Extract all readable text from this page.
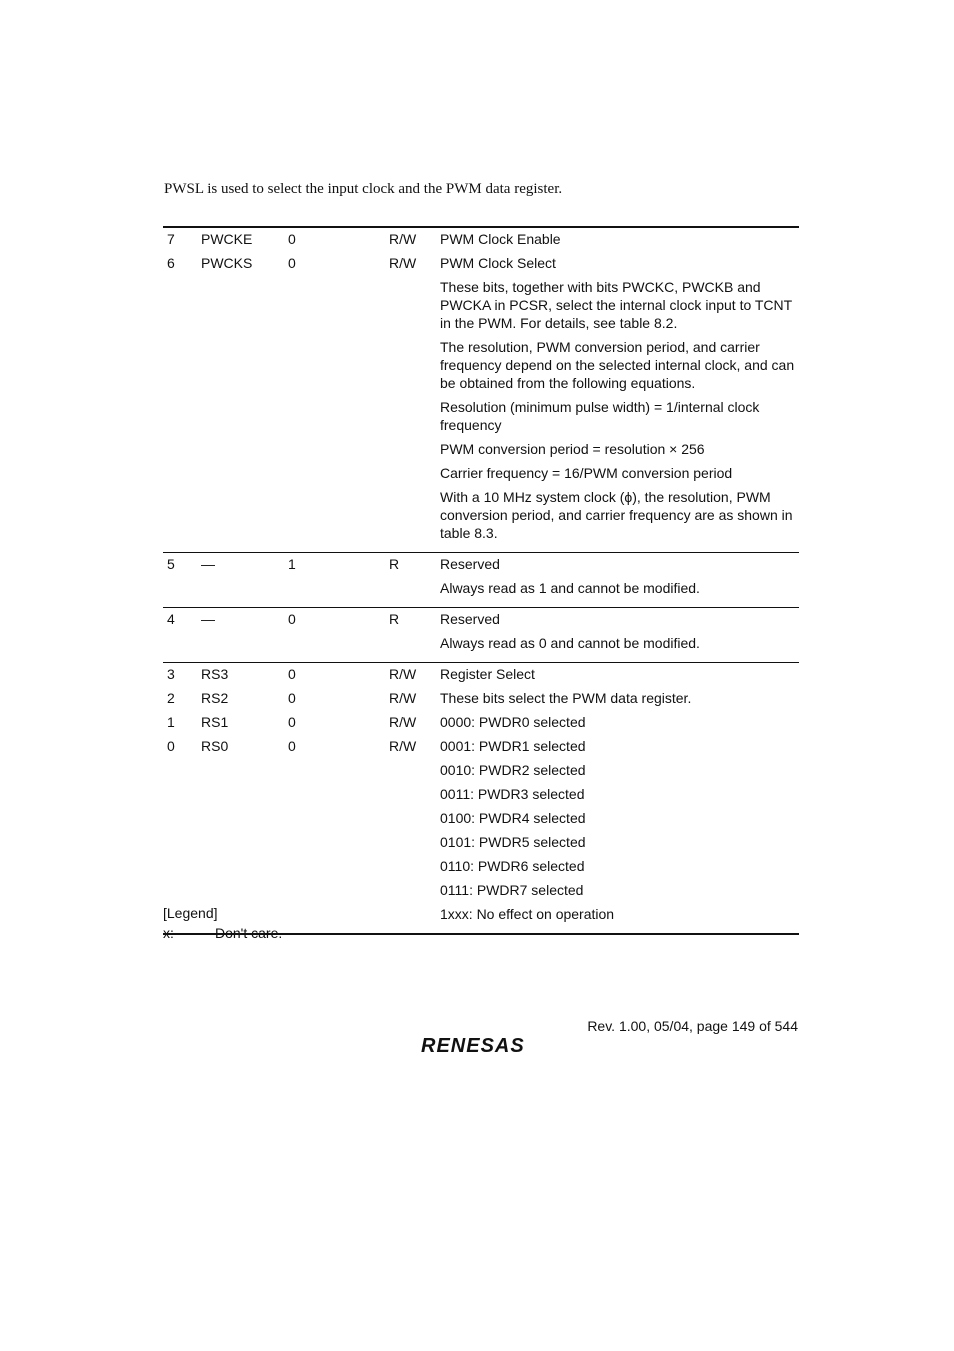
PWSL is used to select the input clock and the PWM data register.

7	PWCKE	0	R/W	PWM Clock Enable
6	PWCKS	0	R/W	PWM Clock Select
These bits, together with bits PWCKC, PWCKB and PWCKA in PCSR, select the internal clock input to TCNT in the PWM. For details, see table 8.2.
The resolution, PWM conversion period, and carrier frequency depend on the selected internal clock, and can be obtained from the following equations.
Resolution (minimum pulse width) = 1/internal clock frequency
PWM conversion period = resolution × 256
Carrier frequency = 16/PWM conversion period
With a 10 MHz system clock (ϕ), the resolution, PWM conversion period, and carrier frequency are as shown in table 8.3.
5	—	1	R	Reserved
Always read as 1 and cannot be modified.
4	—	0	R	Reserved
Always read as 0 and cannot be modified.
3	RS3	0	R/W	Register Select
2	RS2	0	R/W	These bits select the PWM data register.
1	RS1	0	R/W	0000: PWDR0 selected
0	RS0	0	R/W	0001: PWDR1 selected
0010: PWDR2 selected
0011: PWDR3 selected
0100: PWDR4 selected
0101: PWDR5 selected
0110: PWDR6 selected
0111: PWDR7 selected
1xxx: No effect on operation
[Legend]
x:	Don't care.
Rev. 1.00, 05/04, page 149 of 544
RENESAS
